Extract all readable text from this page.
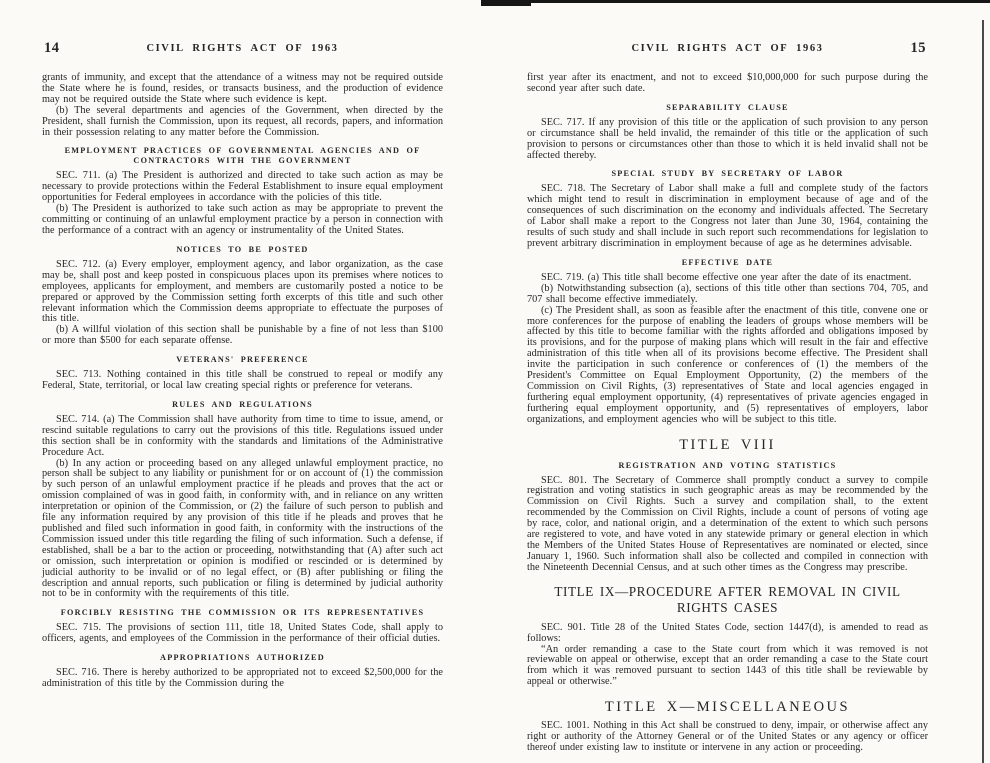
14	CIVIL RIGHTS ACT OF 1963
grants of immunity, and except that the attendance of a witness may not be required outside the State where he is found, resides, or transacts business, and the production of evidence may not be required outside the State where such evidence is kept.
(b) The several departments and agencies of the Government, when directed by the President, shall furnish the Commission, upon its request, all records, papers, and information in their possession relating to any matter before the Commission.
EMPLOYMENT PRACTICES OF GOVERNMENTAL AGENCIES AND OF CONTRACTORS WITH THE GOVERNMENT
SEC. 711. (a) The President is authorized and directed to take such action as may be necessary to provide protections within the Federal Establishment to insure equal employment opportunities for Federal employees in accordance with the policies of this title.
(b) The President is authorized to take such action as may be appropriate to prevent the committing or continuing of an unlawful employment practice by a person in connection with the performance of a contract with an agency or instrumentality of the United States.
NOTICES TO BE POSTED
SEC. 712. (a) Every employer, employment agency, and labor organization, as the case may be, shall post and keep posted in conspicuous places upon its premises where notices to employees, applicants for employment, and members are customarily posted a notice to be prepared or approved by the Commission setting forth excerpts of this title and such other relevant information which the Commission deems appropriate to effectuate the purposes of this title.
(b) A willful violation of this section shall be punishable by a fine of not less than $100 or more than $500 for each separate offense.
VETERANS' PREFERENCE
SEC. 713. Nothing contained in this title shall be construed to repeal or modify any Federal, State, territorial, or local law creating special rights or preference for veterans.
RULES AND REGULATIONS
SEC. 714. (a) The Commission shall have authority from time to time to issue, amend, or rescind suitable regulations to carry out the provisions of this title. Regulations issued under this section shall be in conformity with the standards and limitations of the Administrative Procedure Act.
(b) In any action or proceeding based on any alleged unlawful employment practice, no person shall be subject to any liability or punishment for or on account of (1) the commission by such person of an unlawful employment practice if he pleads and proves that the act or omission complained of was in good faith, in conformity with, and in reliance on any written interpretation or opinion of the Commission, or (2) the failure of such person to publish and file any information required by any provision of this title if he pleads and proves that he published and filed such information in good faith, in conformity with the instructions of the Commission issued under this title regarding the filing of such information. Such a defense, if established, shall be a bar to the action or proceeding, notwithstanding that (A) after such act or omission, such interpretation or opinion is modified or rescinded or is determined by judicial authority to be invalid or of no legal effect, or (B) after publishing or filing the description and annual reports, such publication or filing is determined by judicial authority not to be in conformity with the requirements of this title.
FORCIBLY RESISTING THE COMMISSION OR ITS REPRESENTATIVES
SEC. 715. The provisions of section 111, title 18, United States Code, shall apply to officers, agents, and employees of the Commission in the performance of their official duties.
APPROPRIATIONS AUTHORIZED
SEC. 716. There is hereby authorized to be appropriated not to exceed $2,500,000 for the administration of this title by the Commission during the
CIVIL RIGHTS ACT OF 1963	15
first year after its enactment, and not to exceed $10,000,000 for such purpose during the second year after such date.
SEPARABILITY CLAUSE
SEC. 717. If any provision of this title or the application of such provision to any person or circumstance shall be held invalid, the remainder of this title or the application of such provision to persons or circumstances other than those to which it is held invalid shall not be affected thereby.
SPECIAL STUDY BY SECRETARY OF LABOR
SEC. 718. The Secretary of Labor shall make a full and complete study of the factors which might tend to result in discrimination in employment because of age and of the consequences of such discrimination on the economy and individuals affected. The Secretary of Labor shall make a report to the Congress not later than June 30, 1964, containing the results of such study and shall include in such report such recommendations for legislation to prevent arbitrary discrimination in employment because of age as he determines advisable.
EFFECTIVE DATE
SEC. 719. (a) This title shall become effective one year after the date of its enactment.
(b) Notwithstanding subsection (a), sections of this title other than sections 704, 705, and 707 shall become effective immediately.
(c) The President shall, as soon as feasible after the enactment of this title, convene one or more conferences for the purpose of enabling the leaders of groups whose members will be affected by this title to become familiar with the rights afforded and obligations imposed by its provisions, and for the purpose of making plans which will result in the fair and effective administration of this title when all of its provisions become effective. The President shall invite the participation in such conference or conferences of (1) the members of the President's Committee on Equal Employment Opportunity, (2) the members of the Commission on Civil Rights, (3) representatives of State and local agencies engaged in furthering equal employment opportunity, (4) representatives of private agencies engaged in furthering equal employment opportunity, and (5) representatives of employers, labor organizations, and employment agencies who will be subject to this title.
TITLE VIII
REGISTRATION AND VOTING STATISTICS
SEC. 801. The Secretary of Commerce shall promptly conduct a survey to compile registration and voting statistics in such geographic areas as may be recommended by the Commission on Civil Rights. Such a survey and compilation shall, to the extent recommended by the Commission on Civil Rights, include a count of persons of voting age by race, color, and national origin, and a determination of the extent to which such persons are registered to vote, and have voted in any statewide primary or general election in which the Members of the United States House of Representatives are nominated or elected, since January 1, 1960. Such information shall also be collected and compiled in connection with the Nineteenth Decennial Census, and at such other times as the Congress may prescribe.
TITLE IX—PROCEDURE AFTER REMOVAL IN CIVIL RIGHTS CASES
SEC. 901. Title 28 of the United States Code, section 1447(d), is amended to read as follows:
“An order remanding a case to the State court from which it was removed is not reviewable on appeal or otherwise, except that an order remanding a case to the State court from which it was removed pursuant to section 1443 of this title shall be reviewable by appeal or otherwise.”
TITLE X—MISCELLANEOUS
SEC. 1001. Nothing in this Act shall be construed to deny, impair, or otherwise affect any right or authority of the Attorney General or of the United States or any agency or officer thereof under existing law to institute or intervene in any action or proceeding.
